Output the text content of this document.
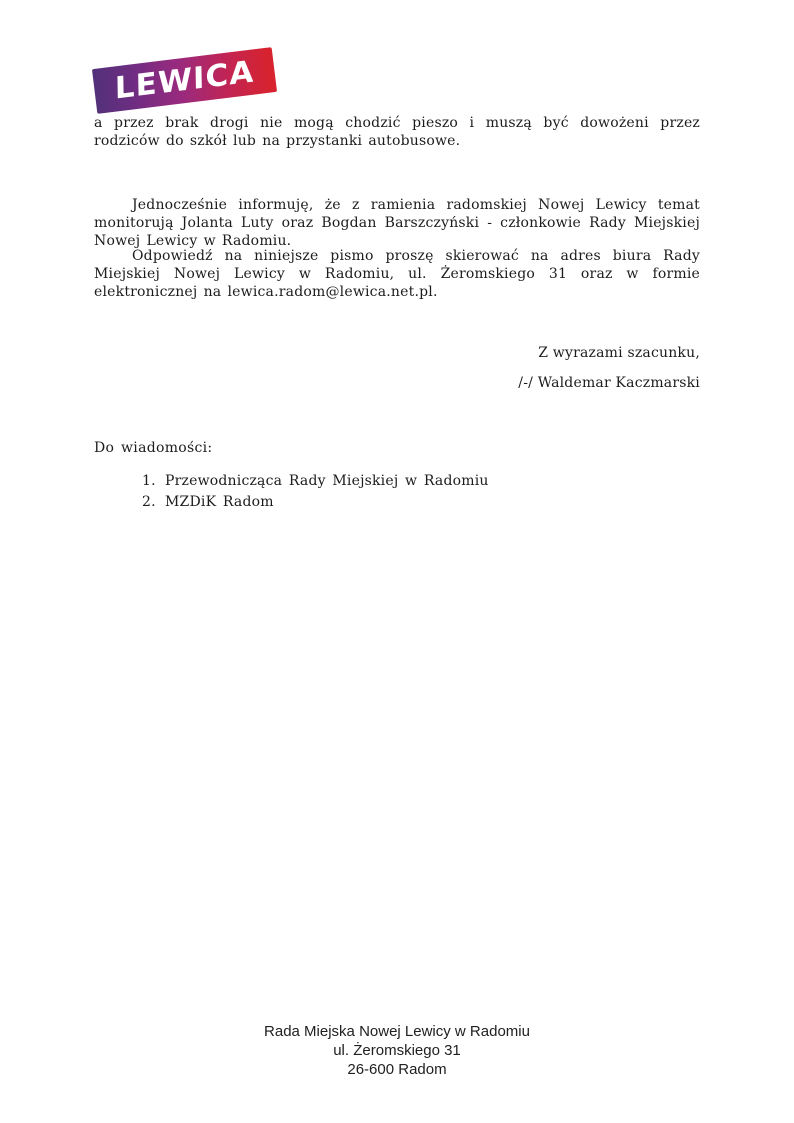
LEWICA
a przez brak drogi nie mogą chodzić pieszo i muszą być dowożeni przez rodziców do szkół lub na przystanki autobusowe.
Jednocześnie informuję, że z ramienia radomskiej Nowej Lewicy temat monitorują Jolanta Luty oraz Bogdan Barszczyński - członkowie Rady Miejskiej Nowej Lewicy w Radomiu.
Odpowiedź na niniejsze pismo proszę skierować na adres biura Rady Miejskiej Nowej Lewicy w Radomiu, ul. Żeromskiego 31 oraz w formie elektronicznej na lewica.radom@lewica.net.pl.
Z wyrazami szacunku,
/-/ Waldemar Kaczmarski
Do wiadomości:
1. Przewodnicząca Rady Miejskiej w Radomiu
2. MZDiK Radom
Rada Miejska Nowej Lewicy w Radomiu
ul. Żeromskiego 31
26-600 Radom
